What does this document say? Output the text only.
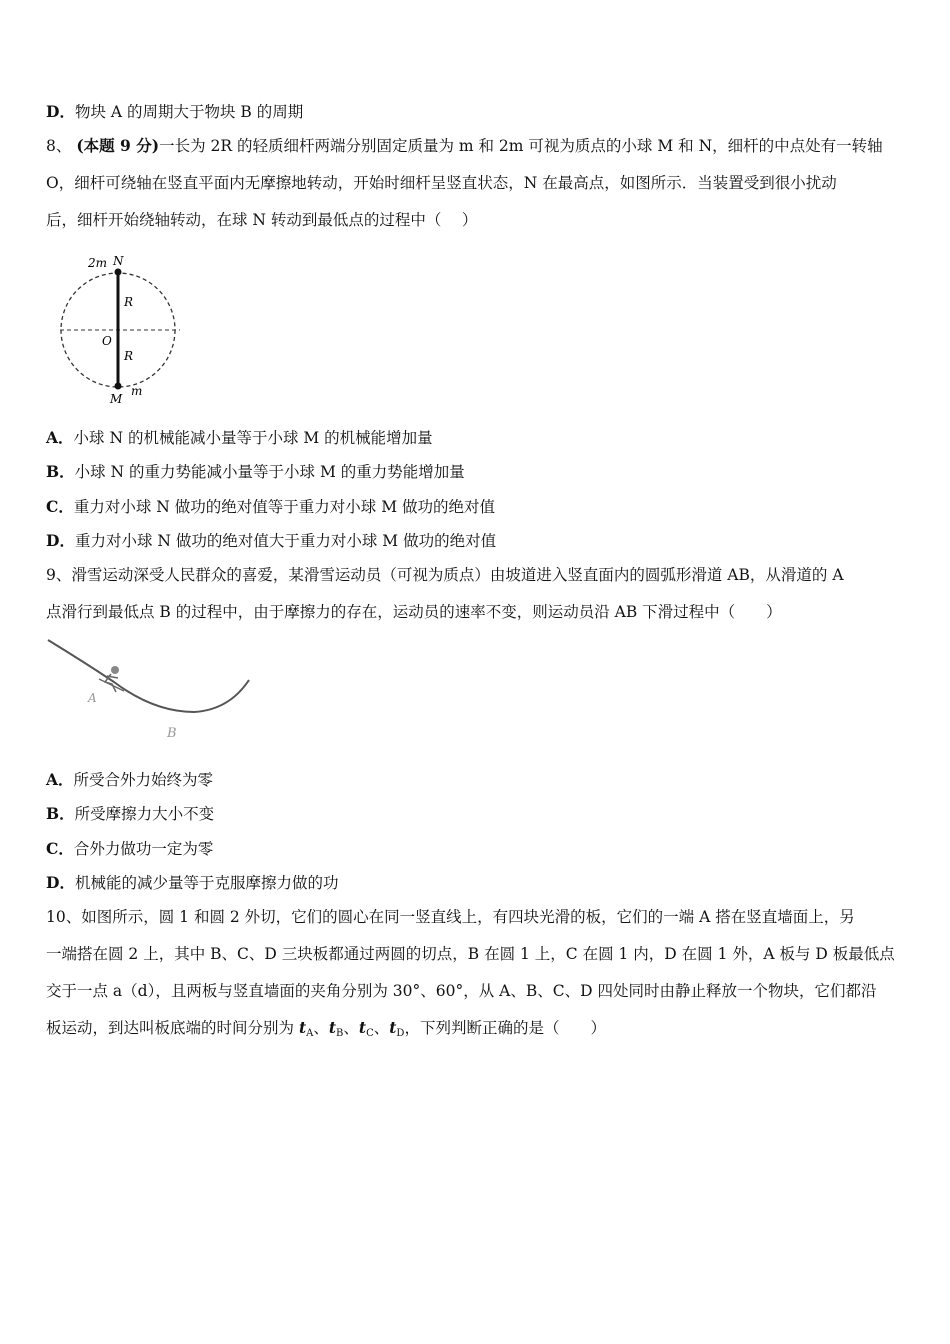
D．物块 A 的周期大于物块 B 的周期
8、 (本题 9 分)一长为 2R 的轻质细杆两端分别固定质量为 m 和 2m 可视为质点的小球 M 和 N，细杆的中点处有一转轴
O，细杆可绕轴在竖直平面内无摩擦地转动，开始时细杆呈竖直状态，N 在最高点，如图所示．当装置受到很小扰动
后，细杆开始绕轴转动，在球 N 转动到最低点的过程中（　 ）
2m N
R
O
R
M
m
A．小球 N 的机械能减小量等于小球 M 的机械能增加量
B．小球 N 的重力势能减小量等于小球 M 的重力势能增加量
C．重力对小球 N 做功的绝对值等于重力对小球 M 做功的绝对值
D．重力对小球 N 做功的绝对值大于重力对小球 M 做功的绝对值
9、滑雪运动深受人民群众的喜爱，某滑雪运动员（可视为质点）由坡道进入竖直面内的圆弧形滑道 AB，从滑道的 A
点滑行到最低点 B 的过程中，由于摩擦力的存在，运动员的速率不变，则运动员沿 AB 下滑过程中（　　）
A
B
A．所受合外力始终为零
B．所受摩擦力大小不变
C．合外力做功一定为零
D．机械能的减少量等于克服摩擦力做的功
10、如图所示，圆 1 和圆 2 外切，它们的圆心在同一竖直线上，有四块光滑的板，它们的一端 A 搭在竖直墙面上，另
一端搭在圆 2 上，其中 B、C、D 三块板都通过两圆的切点，B 在圆 1 上，C 在圆 1 内，D 在圆 1 外，A 板与 D 板最低点
交于一点 a（d），且两板与竖直墙面的夹角分别为 30°、60°，从 A、B、C、D 四处同时由静止释放一个物块，它们都沿
板运动，到达叫板底端的时间分别为 $t_A$、$t_B$、$t_C$、$t_D$，下列判断正确的是（　　）
